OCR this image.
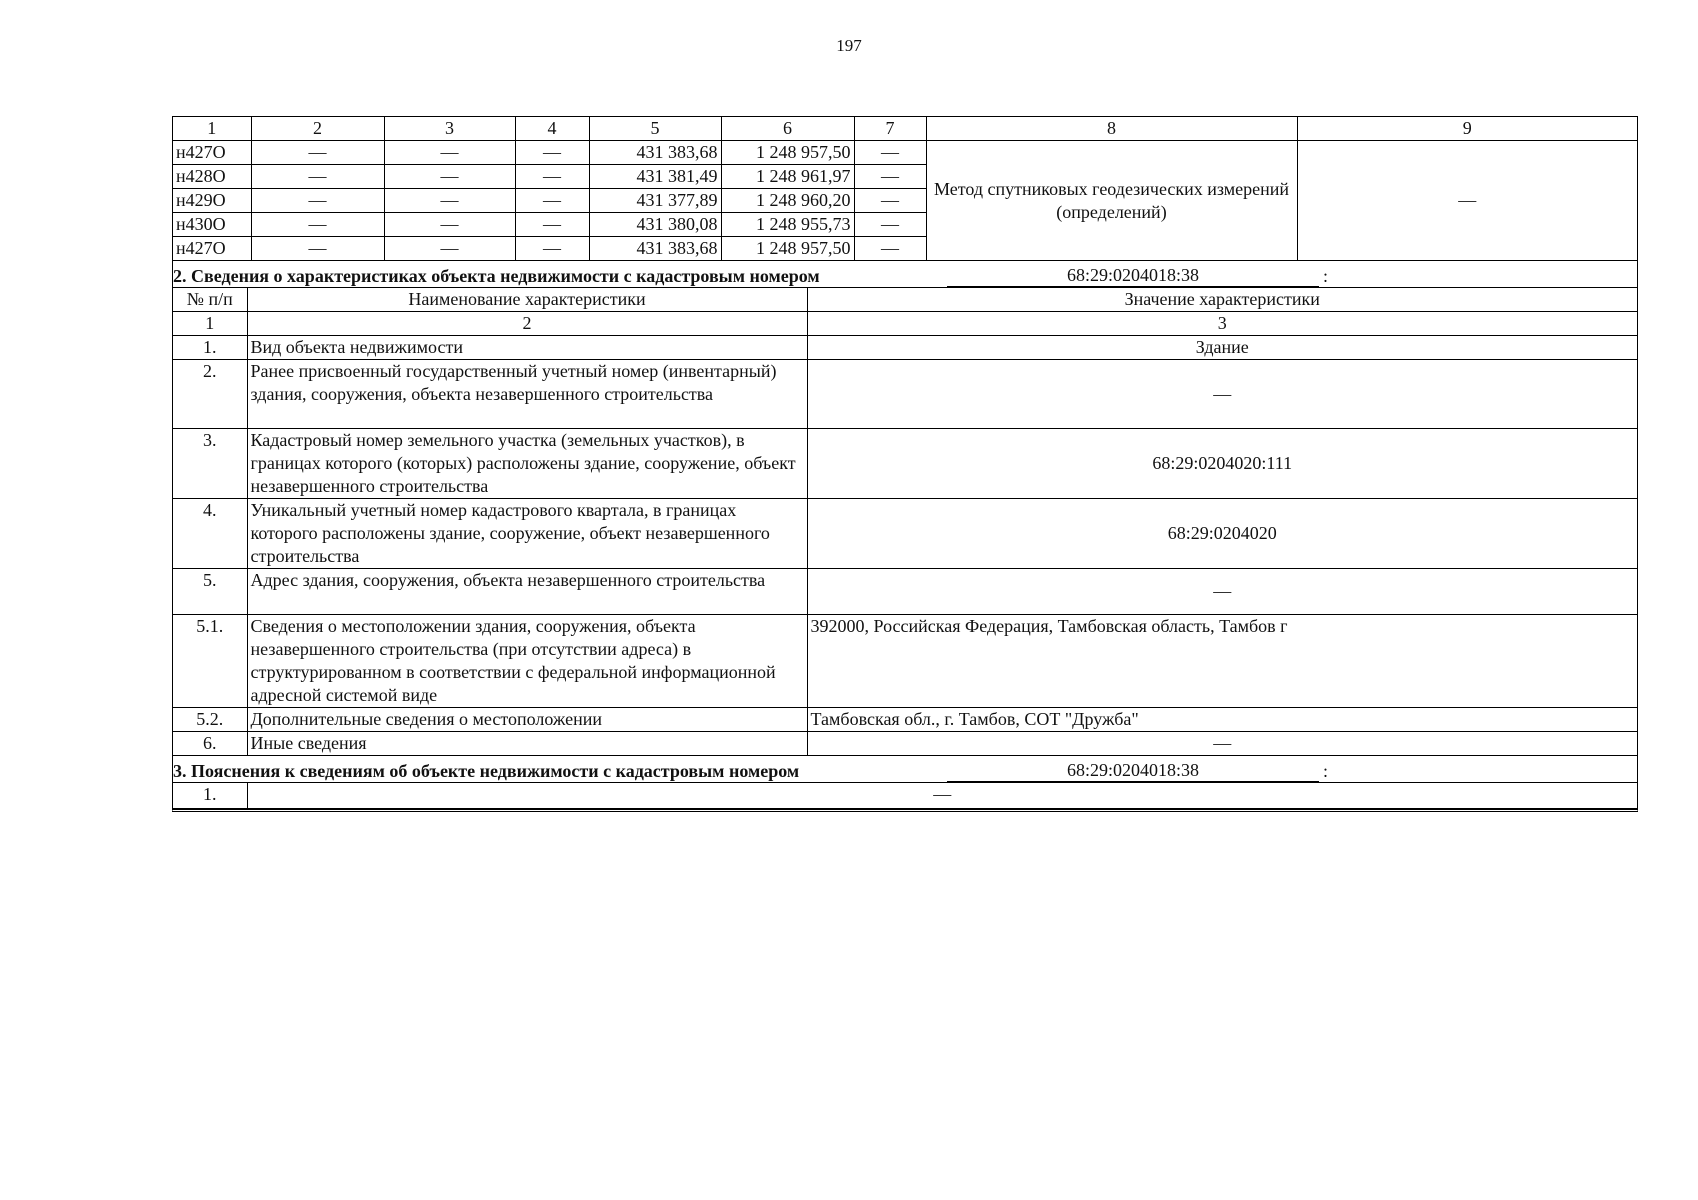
197
1	2	3	4	5	6	7	8	9
н427О	—	—	—	431 383,68	1 248 957,50	—	Метод спутниковых геодезических измерений (определений)	—
н428О	—	—	—	431 381,49	1 248 961,97	—		
н429О	—	—	—	431 377,89	1 248 960,20	—		
н430О	—	—	—	431 380,08	1 248 955,73	—		
н427О	—	—	—	431 383,68	1 248 957,50	—		
2. Сведения о характеристиках объекта недвижимости с кадастровым номером	68:29:0204018:38	:
№ п/п	Наименование характеристики	Значение характеристики
1	2	3
1.	Вид объекта недвижимости	Здание
2.	Ранее присвоенный государственный учетный номер (инвентарный) здания, сооружения, объекта незавершенного строительства	—
3.	Кадастровый номер земельного участка (земельных участков), в границах которого (которых) расположены здание, сооружение, объект незавершенного строительства	68:29:0204020:111
4.	Уникальный учетный номер кадастрового квартала, в границах которого расположены здание, сооружение, объект незавершенного строительства	68:29:0204020
5.	Адрес здания, сооружения, объекта незавершенного строительства	—
5.1.	Сведения о местоположении здания, сооружения, объекта незавершенного строительства (при отсутствии адреса) в структурированном в соответствии с федеральной информационной адресной системой виде	392000, Российская Федерация, Тамбовская область, Тамбов г
5.2.	Дополнительные сведения о местоположении	Тамбовская обл., г. Тамбов, СОТ "Дружба"
6.	Иные сведения	—
3. Пояснения к сведениям об объекте недвижимости с кадастровым номером	68:29:0204018:38	:
1.	—
